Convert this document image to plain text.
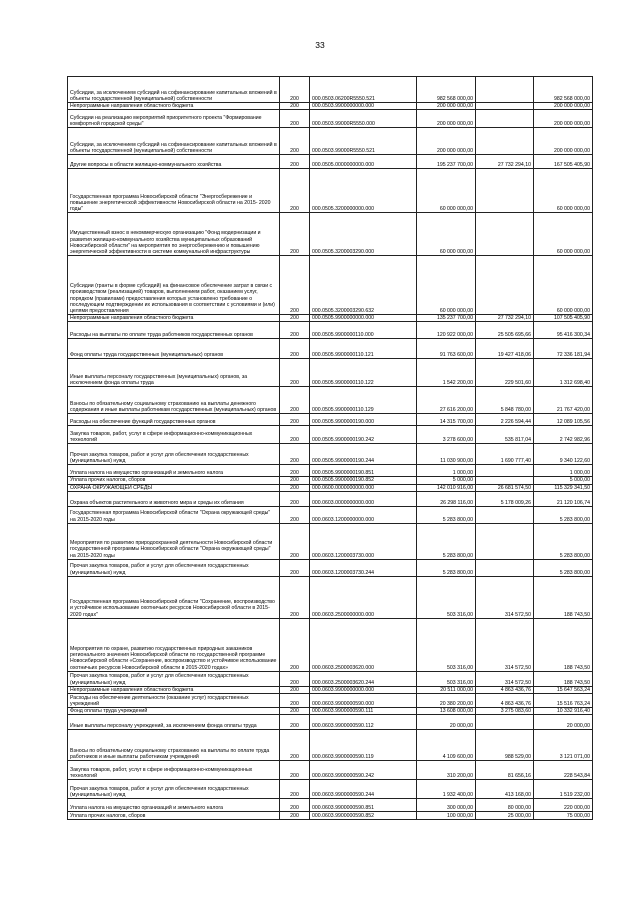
33
Субсидии, за исключением субсидий на софинансирование капитальных вложений в объекты государственной (муниципальной) собственности	200	000.0503.06200R5550.521	982 568 000,00		982 568 000,00
Непрограммные направления областного бюджета	200	000.0503.9900000000.000	200 000 000,00		200 000 000,00
Субсидии на реализацию мероприятий приоритетного проекта "Формирование комфортной городской среды"	200	000.0503.99000R5550.000	200 000 000,00		200 000 000,00
Субсидии, за исключением субсидий на софинансирование капитальных вложений в объекты государственной (муниципальной) собственности	200	000.0503.99000R5550.521	200 000 000,00		200 000 000,00
Другие вопросы в области жилищно-коммунального хозяйства	200	000.0505.0000000000.000	195 237 700,00	27 732 294,10	167 505 405,90
Государственная программа Новосибирской области "Энергосбережение и повышение энергетической эффективности Новосибирской области на 2015- 2020 годы"	200	000.0505.3200000000.000	60 000 000,00		60 000 000,00
Имущественный взнос в некоммерческую организацию "Фонд модернизации и развития жилищно-коммунального хозяйства муниципальных образований Новосибирской области" на мероприятия по энергосбережению и повышению энергетической эффективности в системе коммунальной инфраструктуры	200	000.0505.3200003290.000	60 000 000,00		60 000 000,00
Субсидии (гранты в форме субсидий) на финансовое обеспечение затрат в связи с производством (реализацией) товаров, выполнением работ, оказанием услуг, порядком (правилами) предоставления которых установлено требование о последующем подтверждении их использования в соответствии с условиями и (или) целями предоставления	200	000.0505.3200003290.632	60 000 000,00		60 000 000,00
Непрограммные направления областного бюджета	200	000.0505.9900000000.000	135 237 700,00	27 732 294,10	107 505 405,90
Расходы на выплаты по оплате труда работников государственных органов	200	000.0505.9900000110.000	120 922 000,00	25 505 695,66	95 416 300,34
Фонд оплаты труда государственных (муниципальных) органов	200	000.0505.9900000110.121	91 763 600,00	19 427 418,06	72 336 181,94
Иные выплаты персоналу государственных (муниципальных) органов, за исключением фонда оплаты труда	200	000.0505.9900000110.122	1 542 200,00	229 501,60	1 312 698,40
Взносы по обязательному социальному страхованию на выплаты денежного содержания и иные выплаты работникам государственных (муниципальных) органов	200	000.0505.9900000110.129	27 616 200,00	5 848 780,00	21 767 420,00
Расходы на обеспечение функций государственных органов	200	000.0505.9900000190.000	14 315 700,00	2 226 594,44	12 089 105,56
Закупка товаров, работ, услуг в сфере информационно-коммуникационных технологий	200	000.0505.9900000190.242	3 278 600,00	535 817,04	2 742 982,96
Прочая закупка товаров, работ и услуг для обеспечения государственных (муниципальных) нужд	200	000.0505.9900000190.244	11 030 900,00	1 690 777,40	9 340 122,60
Уплата налога на имущество организаций и земельного налога	200	000.0505.9900000190.851	1 000,00		1 000,00
Уплата прочих налогов, сборов	200	000.0505.9900000190.852	5 000,00		5 000,00
ОХРАНА ОКРУЖАЮЩЕЙ СРЕДЫ	200	000.0600.0000000000.000	142 010 916,00	26 681 574,50	115 329 341,50
Охрана объектов растительного и животного мира и среды их обитания	200	000.0603.0000000000.000	26 298 116,00	5 178 009,26	21 120 106,74
Государственная программа Новосибирской области "Охрана окружающей среды" на 2015-2020 годы	200	000.0603.1200000000.000	5 283 800,00		5 283 800,00
Мероприятия по развитию природоохранной деятельности Новосибирской области государственной программы Новосибирской области "Охрана окружающей среды" на 2015-2020 годы	200	000.0603.1200003730.000	5 283 800,00		5 283 800,00
Прочая закупка товаров, работ и услуг для обеспечения государственных (муниципальных) нужд	200	000.0603.1200003730.244	5 283 800,00		5 283 800,00
Государственная программа Новосибирской области "Сохранение, воспроизводство и устойчивое использование охотничьих ресурсов Новосибирской области в 2015-2020 годах"	200	000.0603.2500000000.000	503 316,00	314 572,50	188 743,50
Мероприятия по охране, развитию государственных природных заказников регионального значения Новосибирской области по государственной программе Новосибирской области «Сохранение, воспроизводство и устойчивое использование охотничьих ресурсов Новосибирской области в 2015-2020 годах»	200	000.0603.2500003620.000	503 316,00	314 572,50	188 743,50
Прочая закупка товаров, работ и услуг для обеспечения государственных (муниципальных) нужд	200	000.0603.2500003620.244	503 316,00	314 572,50	188 743,50
Непрограммные направления областного бюджета	200	000.0603.9900000000.000	20 511 000,00	4 863 436,76	15 647 563,24
Расходы на обеспечение деятельности (оказание услуг) государственных учреждений	200	000.0603.9900000590.000	20 380 200,00	4 863 436,76	15 516 763,24
Фонд оплаты труда учреждений	200	000.0603.9900000590.111	13 608 000,00	3 275 083,60	10 332 916,40
Иные выплаты персоналу учреждений, за исключением фонда оплаты труда	200	000.0603.9900000590.112	20 000,00		20 000,00
Взносы по обязательному социальному страхованию на выплаты по оплате труда работников и иные выплаты работникам учреждений	200	000.0603.9900000590.119	4 109 600,00	988 529,00	3 121 071,00
Закупка товаров, работ, услуг в сфере информационно-коммуникационных технологий	200	000.0603.9900000590.242	310 200,00	81 656,16	228 543,84
Прочая закупка товаров, работ и услуг для обеспечения государственных (муниципальных) нужд	200	000.0603.9900000590.244	1 932 400,00	413 168,00	1 519 232,00
Уплата налога на имущество организаций и земельного налога	200	000.0603.9900000590.851	300 000,00	80 000,00	220 000,00
Уплата прочих налогов, сборов	200	000.0603.9900000590.852	100 000,00	25 000,00	75 000,00
